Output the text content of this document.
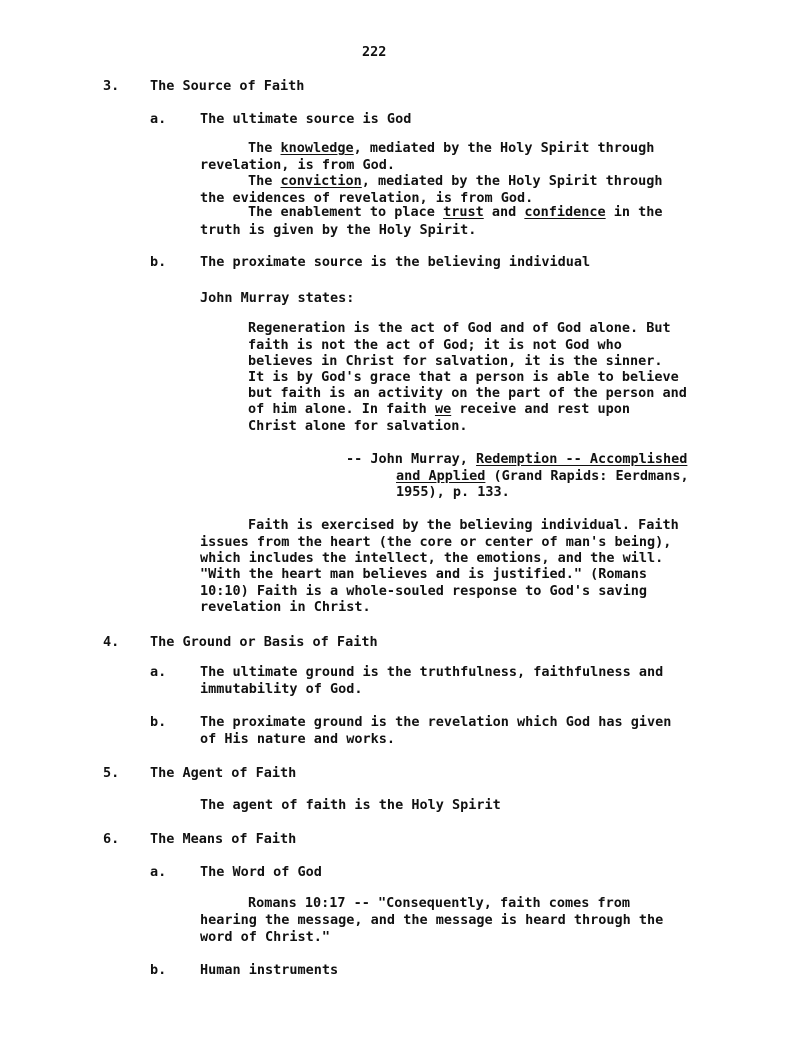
222
3. The Source of Faith
a. The ultimate source is God
The knowledge, mediated by the Holy Spirit through
revelation, is from God.
The conviction, mediated by the Holy Spirit through
the evidences of revelation, is from God.
The enablement to place trust and confidence in the
truth is given by the Holy Spirit.
b. The proximate source is the believing individual
John Murray states:
Regeneration is the act of God and of God alone. But
faith is not the act of God; it is not God who
believes in Christ for salvation, it is the sinner.
It is by God's grace that a person is able to believe
but faith is an activity on the part of the person and
of him alone. In faith we receive and rest upon
Christ alone for salvation.
-- John Murray, Redemption -- Accomplished
and Applied (Grand Rapids: Eerdmans,
1955), p. 133.
Faith is exercised by the believing individual. Faith
issues from the heart (the core or center of man's being),
which includes the intellect, the emotions, and the will.
"With the heart man believes and is justified." (Romans
10:10) Faith is a whole-souled response to God's saving
revelation in Christ.
4. The Ground or Basis of Faith
a. The ultimate ground is the truthfulness, faithfulness and
immutability of God.
b. The proximate ground is the revelation which God has given
of His nature and works.
5. The Agent of Faith
The agent of faith is the Holy Spirit
6. The Means of Faith
a. The Word of God
Romans 10:17 -- "Consequently, faith comes from
hearing the message, and the message is heard through the
word of Christ."
b. Human instruments
